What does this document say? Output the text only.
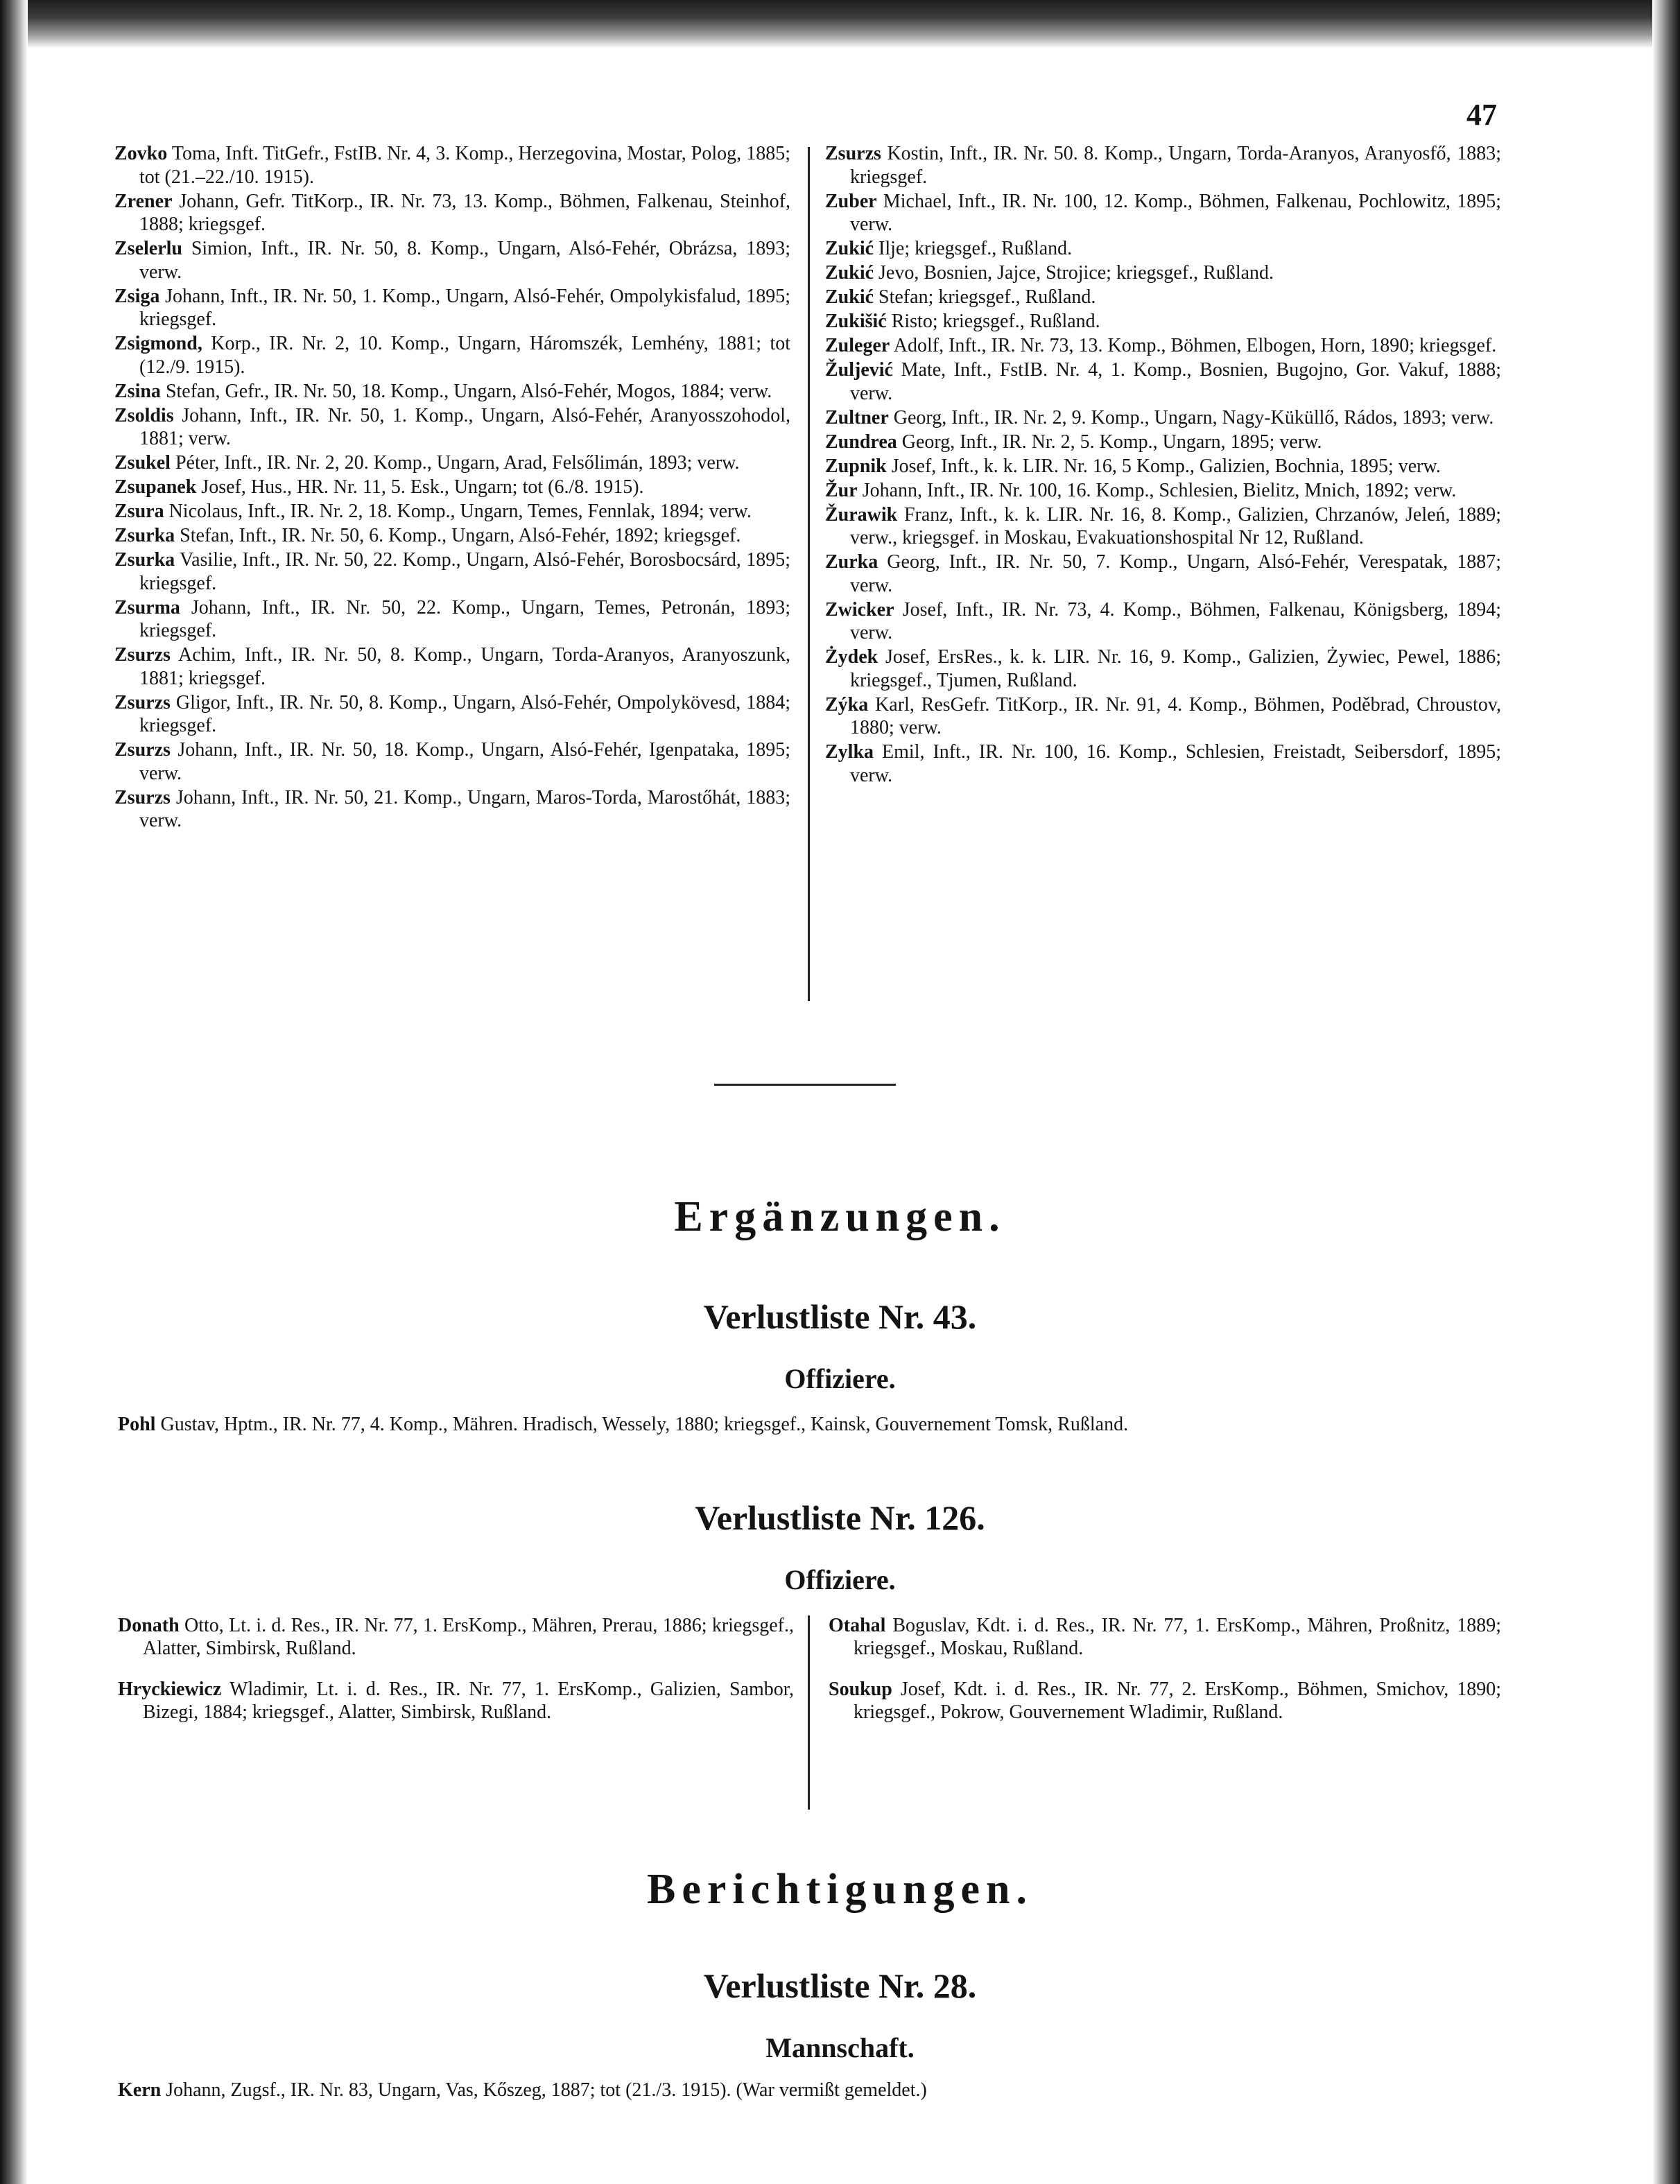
47

Zovko Toma, Inft. TitGefr., FstIB. Nr. 4, 3. Komp., Herzegovina, Mostar, Polog, 1885; tot (21.–22./10. 1915).

Zrener Johann, Gefr. TitKorp., IR. Nr. 73, 13. Komp., Böhmen, Falkenau, Steinhof, 1888; kriegsgef.

Zselerlu Simion, Inft., IR. Nr. 50, 8. Komp., Ungarn, Alsó-Fehér, Obrázsa, 1893; verw.

Zsiga Johann, Inft., IR. Nr. 50, 1. Komp., Ungarn, Alsó-Fehér, Ompolykisfalud, 1895; kriegsgef.

Zsigmond, Korp., IR. Nr. 2, 10. Komp., Ungarn, Háromszék, Lemhény, 1881; tot (12./9. 1915).

Zsina Stefan, Gefr., IR. Nr. 50, 18. Komp., Ungarn, Alsó-Fehér, Mogos, 1884; verw.

Zsoldis Johann, Inft., IR. Nr. 50, 1. Komp., Ungarn, Alsó-Fehér, Aranyosszohodol, 1881; verw.

Zsukel Péter, Inft., IR. Nr. 2, 20. Komp., Ungarn, Arad, Felsőlimán, 1893; verw.

Zsupanek Josef, Hus., HR. Nr. 11, 5. Esk., Ungarn; tot (6./8. 1915).

Zsura Nicolaus, Inft., IR. Nr. 2, 18. Komp., Ungarn, Temes, Fennlak, 1894; verw.

Zsurka Stefan, Inft., IR. Nr. 50, 6. Komp., Ungarn, Alsó-Fehér, 1892; kriegsgef.

Zsurka Vasilie, Inft., IR. Nr. 50, 22. Komp., Ungarn, Alsó-Fehér, Borosbocsárd, 1895; kriegsgef.

Zsurma Johann, Inft., IR. Nr. 50, 22. Komp., Ungarn, Temes, Petronán, 1893; kriegsgef.

Zsurzs Achim, Inft., IR. Nr. 50, 8. Komp., Ungarn, Torda-Aranyos, Aranyoszunk, 1881; kriegsgef.

Zsurzs Gligor, Inft., IR. Nr. 50, 8. Komp., Ungarn, Alsó-Fehér, Ompolykövesd, 1884; kriegsgef.

Zsurzs Johann, Inft., IR. Nr. 50, 18. Komp., Ungarn, Alsó-Fehér, Igenpataka, 1895; verw.

Zsurzs Johann, Inft., IR. Nr. 50, 21. Komp., Ungarn, Maros-Torda, Marostőhát, 1883; verw.

Zsurzs Kostin, Inft., IR. Nr. 50. 8. Komp., Ungarn, Torda-Aranyos, Aranyosfő, 1883; kriegsgef.

Zuber Michael, Inft., IR. Nr. 100, 12. Komp., Böhmen, Falkenau, Pochlowitz, 1895; verw.

Zukić Ilje; kriegsgef., Rußland.

Zukić Jevo, Bosnien, Jajce, Strojice; kriegsgef., Rußland.

Zukić Stefan; kriegsgef., Rußland.

Zukišić Risto; kriegsgef., Rußland.

Zuleger Adolf, Inft., IR. Nr. 73, 13. Komp., Böhmen, Elbogen, Horn, 1890; kriegsgef.

Žuljević Mate, Inft., FstIB. Nr. 4, 1. Komp., Bosnien, Bugojno, Gor. Vakuf, 1888; verw.

Zultner Georg, Inft., IR. Nr. 2, 9. Komp., Ungarn, Nagy-Küküllő, Rádos, 1893; verw.

Zundrea Georg, Inft., IR. Nr. 2, 5. Komp., Ungarn, 1895; verw.

Zupnik Josef, Inft., k. k. LIR. Nr. 16, 5 Komp., Galizien, Bochnia, 1895; verw.

Žur Johann, Inft., IR. Nr. 100, 16. Komp., Schlesien, Bielitz, Mnich, 1892; verw.

Žurawik Franz, Inft., k. k. LIR. Nr. 16, 8. Komp., Galizien, Chrzanów, Jeleń, 1889; verw., kriegsgef. in Moskau, Evakuationshospital Nr 12, Rußland.

Zurka Georg, Inft., IR. Nr. 50, 7. Komp., Ungarn, Alsó-Fehér, Verespatak, 1887; verw.

Zwicker Josef, Inft., IR. Nr. 73, 4. Komp., Böhmen, Falkenau, Königsberg, 1894; verw.

Żydek Josef, ErsRes., k. k. LIR. Nr. 16, 9. Komp., Galizien, Żywiec, Pewel, 1886; kriegsgef., Tjumen, Rußland.

Zýka Karl, ResGefr. TitKorp., IR. Nr. 91, 4. Komp., Böhmen, Poděbrad, Chroustov, 1880; verw.

Zylka Emil, Inft., IR. Nr. 100, 16. Komp., Schlesien, Freistadt, Seibersdorf, 1895; verw.

Ergänzungen.
Verlustliste Nr. 43.
Offiziere.
Pohl Gustav, Hptm., IR. Nr. 77, 4. Komp., Mähren. Hradisch, Wessely, 1880; kriegsgef., Kainsk, Gouvernement Tomsk, Rußland.
Verlustliste Nr. 126.
Offiziere.

Donath Otto, Lt. i. d. Res., IR. Nr. 77, 1. ErsKomp., Mähren, Prerau, 1886; kriegsgef., Alatter, Simbirsk, Rußland.

Hryckiewicz Wladimir, Lt. i. d. Res., IR. Nr. 77, 1. ErsKomp., Galizien, Sambor, Bizegi, 1884; kriegsgef., Alatter, Simbirsk, Rußland.

Otahal Boguslav, Kdt. i. d. Res., IR. Nr. 77, 1. ErsKomp., Mähren, Proßnitz, 1889; kriegsgef., Moskau, Rußland.

Soukup Josef, Kdt. i. d. Res., IR. Nr. 77, 2. ErsKomp., Böhmen, Smichov, 1890; kriegsgef., Pokrow, Gouvernement Wladimir, Rußland.

Berichtigungen.
Verlustliste Nr. 28.
Mannschaft.
Kern Johann, Zugsf., IR. Nr. 83, Ungarn, Vas, Kőszeg, 1887; tot (21./3. 1915). (War vermißt gemeldet.)
